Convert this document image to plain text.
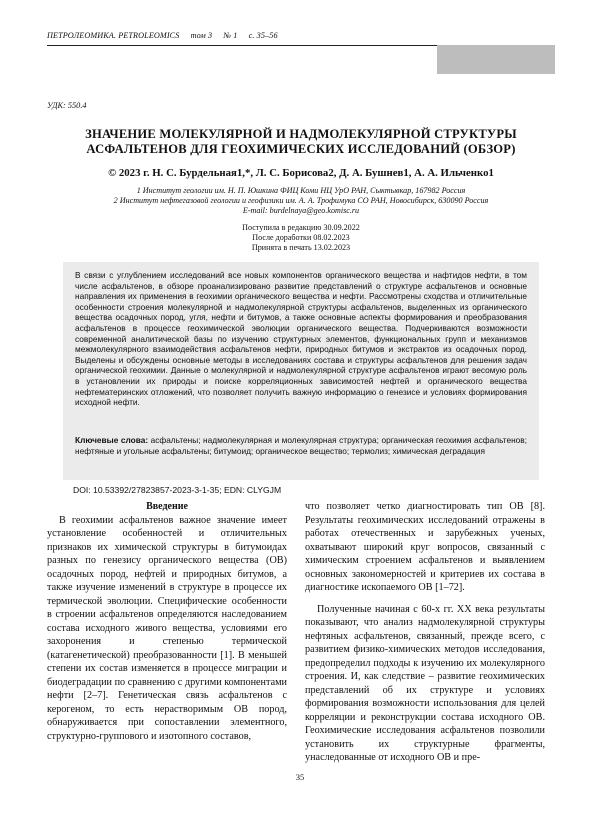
ПЕТРОЛЕОМИКА. PETROLEOMICS том 3 № 1 с. 35–56
УДК: 550.4
ЗНАЧЕНИЕ МОЛЕКУЛЯРНОЙ И НАДМОЛЕКУЛЯРНОЙ СТРУКТУРЫ
АСФАЛЬТЕНОВ ДЛЯ ГЕОХИМИЧЕСКИХ ИССЛЕДОВАНИЙ (ОБЗОР)
© 2023 г. Н. С. Бурдельная1,*, Л. С. Борисова2, Д. А. Бушнев1, А. А. Ильченко1
1 Институт геологии им. Н. П. Юшкина ФИЦ Коми НЦ УрО РАН, Сыктывкар, 167982 Россия
2 Институт нефтегазовой геологии и геофизики им. А. А. Трофимука СО РАН, Новосибирск, 630090 Россия
E-mail: burdelnaya@geo.komisc.ru
Поступила в редакцию 30.09.2022
После доработки 08.02.2023
Принята в печать 13.02.2023
В связи с углублением исследований все новых компонентов органического вещества и нафтидов нефти, в том числе асфальтенов, в обзоре проанализировано развитие представлений о структуре асфальтенов и основные направления их применения в геохимии органического вещества и нефти. Рассмотрены сходства и отличительные особенности строения молекулярной и надмолекулярной структуры асфальтенов, выделенных из органического вещества осадочных пород, угля, нефти и битумов, а также основные аспекты формирования и преобразования асфальтенов в процессе геохимической эволюции органического вещества. Подчеркиваются возможности современной аналитической базы по изучению структурных элементов, функциональных групп и механизмов межмолекулярного взаимодействия асфальтенов нефти, природных битумов и экстрактов из осадочных пород. Выделены и обсуждены основные методы в исследованиях состава и структуры асфальтенов для решения задач органической геохимии. Данные о молекулярной и надмолекулярной структуре асфальтенов играют весомую роль в установлении их природы и поиске корреляционных зависимостей нефтей и органического вещества нефтематеринских отложений, что позволяет получить важную информацию о генезисе и условиях формирования исходной нефти.
Ключевые слова: асфальтены; надмолекулярная и молекулярная структура; органическая геохимия асфальтенов; нефтяные и угольные асфальтены; битумоид; органическое вещество; термолиз; химическая деградация
DOI: 10.53392/27823857-2023-3-1-35; EDN: CLYGJM

Введение

В геохимии асфальтенов важное значение имеет установление особенностей и отличительных признаков их химической структуры в битумоидах разных по генезису органического вещества (ОВ) осадочных пород, нефтей и природных битумов, а также изучение изменений в структуре в процессе их термической эволюции. Специфические особенности в строении асфальтенов определяются наследованием состава исходного живого вещества, условиями его захоронения и степенью термической (катагенетической) преобразованности [1]. В меньшей степени их состав изменяется в процессе миграции и биодеградации по сравнению с другими компонентами нефти [2–7]. Генетическая связь асфальтенов с керогеном, то есть нерастворимым ОВ пород, обнаруживается при сопоставлении элементного, структурно-группового и изотопного составов,

что позволяет четко диагностировать тип ОВ [8]. Результаты геохимических исследований отражены в работах отечественных и зарубежных ученых, охватывают широкий круг вопросов, связанный с химическим строением асфальтенов и выявлением основных закономерностей и критериев их состава в диагностике ископаемого ОВ [1–72].

Полученные начиная с 60-х гг. XX века результаты показывают, что анализ надмолекулярной структуры нефтяных асфальтенов, связанный, прежде всего, с развитием физико-химических методов исследования, предопределил подходы к изучению их молекулярного строения. И, как следствие – развитие геохимических представлений об их структуре и условиях формирования возможности использования для целей корреляции и реконструкции состава исходного ОВ. Геохимические исследования асфальтенов позволили установить их структурные фрагменты, унаследованные от исходного ОВ и пре-

35
